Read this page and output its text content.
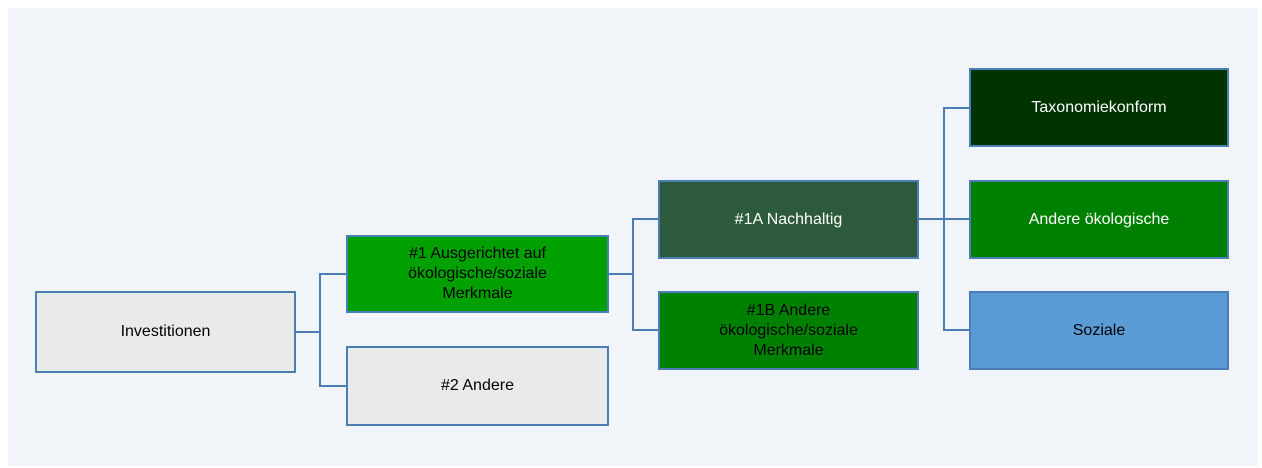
Investitionen
#1 Ausgerichtet auf
ökologische/soziale
Merkmale
#2 Andere
#1A Nachhaltig
#1B Andere
ökologische/soziale
Merkmale
Taxonomiekonform
Andere ökologische
Soziale
